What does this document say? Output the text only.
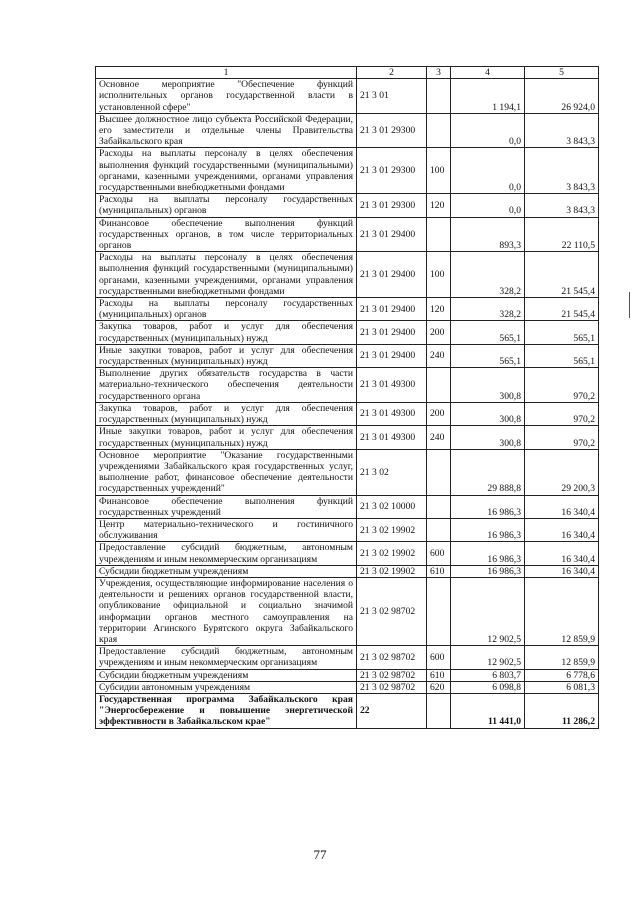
1	2	3	4	5
Основное мероприятие "Обеспечение функций исполнительных органов государственной власти в установленной сфере"	21 3 01		1 194,1	26 924,0
Высшее должностное лицо субъекта Российской Федерации, его заместители и отдельные члены Правительства Забайкальского края	21 3 01 29300		0,0	3 843,3
Расходы на выплаты персоналу в целях обеспечения выполнения функций государственными (муниципальными) органами, казенными учреждениями, органами управления государственными внебюджетными фондами	21 3 01 29300	100	0,0	3 843,3
Расходы на выплаты персоналу государственных (муниципальных) органов	21 3 01 29300	120	0,0	3 843,3
Финансовое обеспечение выполнения функций государственных органов, в том числе территориальных органов	21 3 01 29400		893,3	22 110,5
Расходы на выплаты персоналу в целях обеспечения выполнения функций государственными (муниципальными) органами, казенными учреждениями, органами управления государственными внебюджетными фондами	21 3 01 29400	100	328,2	21 545,4
Расходы на выплаты персоналу государственных (муниципальных) органов	21 3 01 29400	120	328,2	21 545,4
Закупка товаров, работ и услуг для обеспечения государственных (муниципальных) нужд	21 3 01 29400	200	565,1	565,1
Иные закупки товаров, работ и услуг для обеспечения государственных (муниципальных) нужд	21 3 01 29400	240	565,1	565,1
Выполнение других обязательств государства в части материально-технического обеспечения деятельности государственного органа	21 3 01 49300		300,8	970,2
Закупка товаров, работ и услуг для обеспечения государственных (муниципальных) нужд	21 3 01 49300	200	300,8	970,2
Иные закупки товаров, работ и услуг для обеспечения государственных (муниципальных) нужд	21 3 01 49300	240	300,8	970,2
Основное мероприятие "Оказание государственными учреждениями Забайкальского края государственных услуг, выполнение работ, финансовое обеспечение деятельности государственных учреждений"	21 3 02		29 888,8	29 200,3
Финансовое обеспечение выполнения функций государственных учреждений	21 3 02 10000		16 986,3	16 340,4
Центр материально-технического и гостиничного обслуживания	21 3 02 19902		16 986,3	16 340,4
Предоставление субсидий бюджетным, автономным учреждениям и иным некоммерческим организациям	21 3 02 19902	600	16 986,3	16 340,4
Субсидии бюджетным учреждениям	21 3 02 19902	610	16 986,3	16 340,4
Учреждения, осуществляющие информирование населения о деятельности и решениях органов государственной власти, опубликование официальной и социально значимой информации органов местного самоуправления на территории Агинского Бурятского округа Забайкальского края	21 3 02 98702		12 902,5	12 859,9
Предоставление субсидий бюджетным, автономным учреждениям и иным некоммерческим организациям	21 3 02 98702	600	12 902,5	12 859,9
Субсидии бюджетным учреждениям	21 3 02 98702	610	6 803,7	6 778,6
Субсидии автономным учреждениям	21 3 02 98702	620	6 098,8	6 081,3
Государственная программа Забайкальского края "Энергосбережение и повышение энергетической эффективности в Забайкальском крае"	22		11 441,0	11 286,2
77
